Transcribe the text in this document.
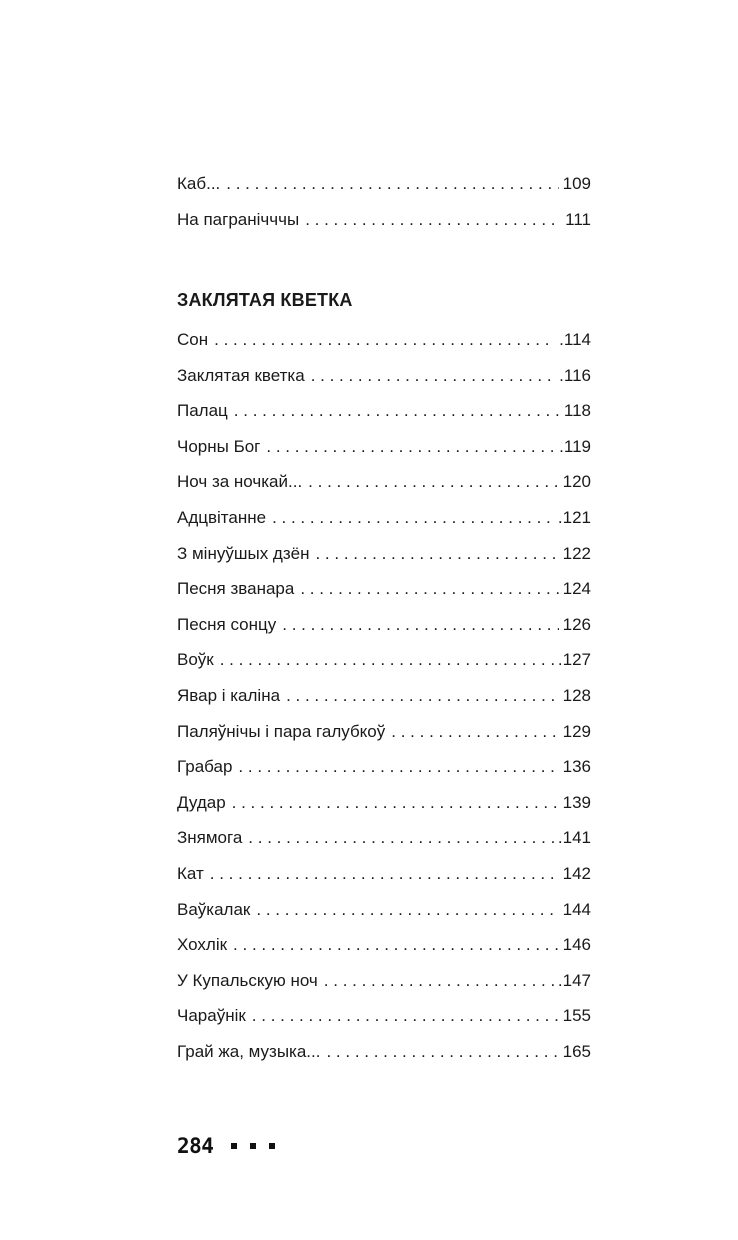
Каб... . . .	109
На пагранічччы . . .	111
ЗАКЛЯТАЯ КВЕТКА
Сон . . .	.114
Заклятая кветка . . .	.116
Палац . . .	118
Чорны Бог . . .	.119
Ноч за ночкай... . . .	120
Адцвітанне . . .	.121
З мінуўшых дзён . . .	122
Песня званара . . .	124
Песня сонцу . . .	126
Воўк . . .	.127
Явар і каліна . . .	128
Паляўнічы і пара галубкоў . . .	129
Грабар . . .	136
Дудар . . .	139
Знямога . . .	.141
Кат . . .	142
Ваўкалак . . .	144
Хохлік . . .	146
У Купальскую ноч . . .	.147
Чараўнік . . .	155
Грай жа, музыка... . . .	165
284
